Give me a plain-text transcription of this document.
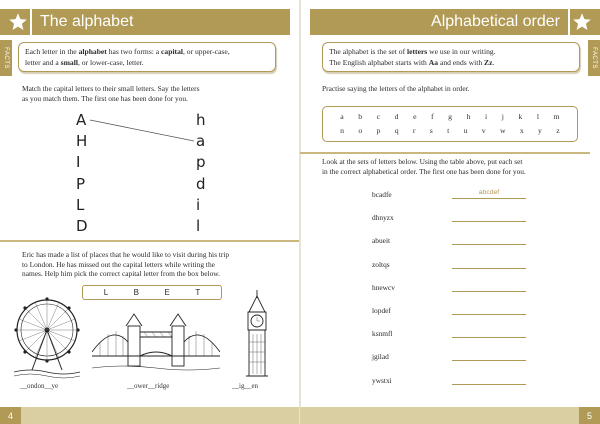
The alphabet
FACTS	Each letter in the alphabet has two forms: a capital, or upper-case,
letter and a small, or lower-case, letter.
Match the capital letters to their small letters. Say the letters
as you match them. The first one has been done for you.
A
H
I
P
L
D
h
a
p
d
i
l
Eric has made a list of places that he would like to visit during his trip
to London. He has missed out the capital letters while writing the
names. Help him pick the correct capital letter from the box below.
L	B	E	T
__ondon__ye	__ower__ridge	__ig__en
4
Alphabetical order
FACTS
The alphabet is the set of letters we use in our writing.
The English alphabet starts with Aa and ends with Zz.
Practise saying the letters of the alphabet in order.
a b c d e f g h i j k l m
n o p q r s t u v w x y z
Look at the sets of letters below. Using the table above, put each set
in the correct alphabetical order. The first one has been done for you.
bcadfe	abcdef
dhnyzx
abueit
zoltqs
hnewcv
lopdef
ksnmfl
jgilad
ywstxi
5
